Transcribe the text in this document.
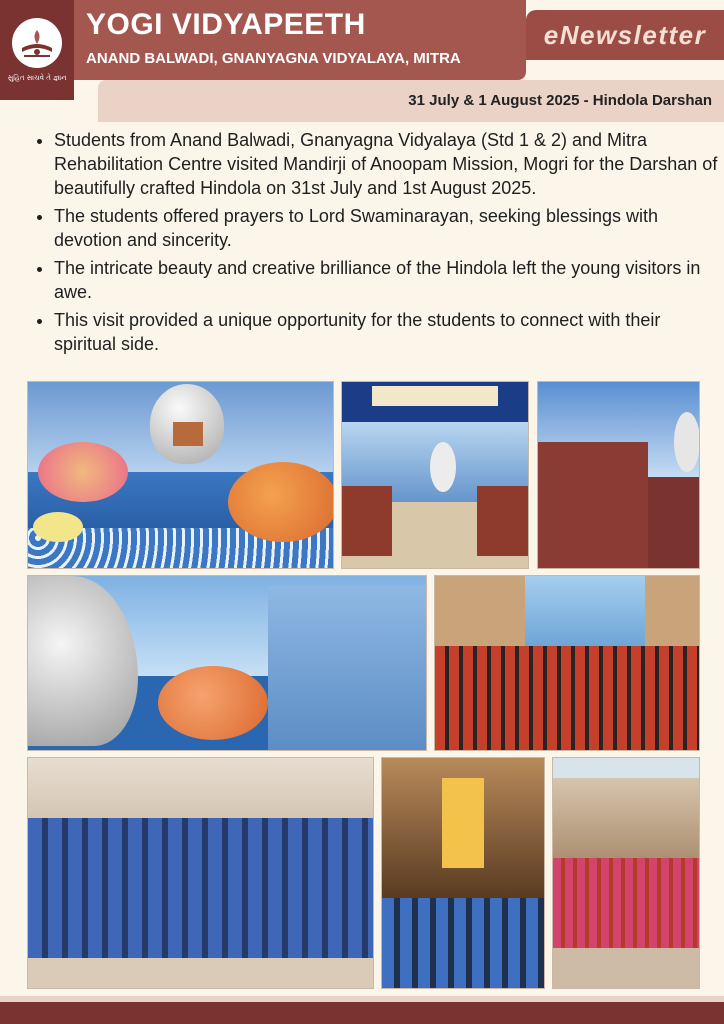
સુહિત સાચવે તે જ્ઞાન
YOGI VIDYAPEETH

ANAND BALWADI, GNANYAGNA VIDYALAYA, MITRA

eNewsletter
31 July & 1 August 2025 - Hindola Darshan
• Students from Anand Balwadi, Gnanyagna Vidyalaya (Std 1 & 2) and Mitra Rehabilitation Centre visited Mandirji of Anoopam Mission, Mogri for the Darshan of beautifully crafted Hindola on 31st July and 1st August 2025.
• The students offered prayers to Lord Swaminarayan, seeking blessings with devotion and sincerity.
• The intricate beauty and creative brilliance of the Hindola left the young visitors in awe.
• This visit provided a unique opportunity for the students to connect with their spiritual side.
